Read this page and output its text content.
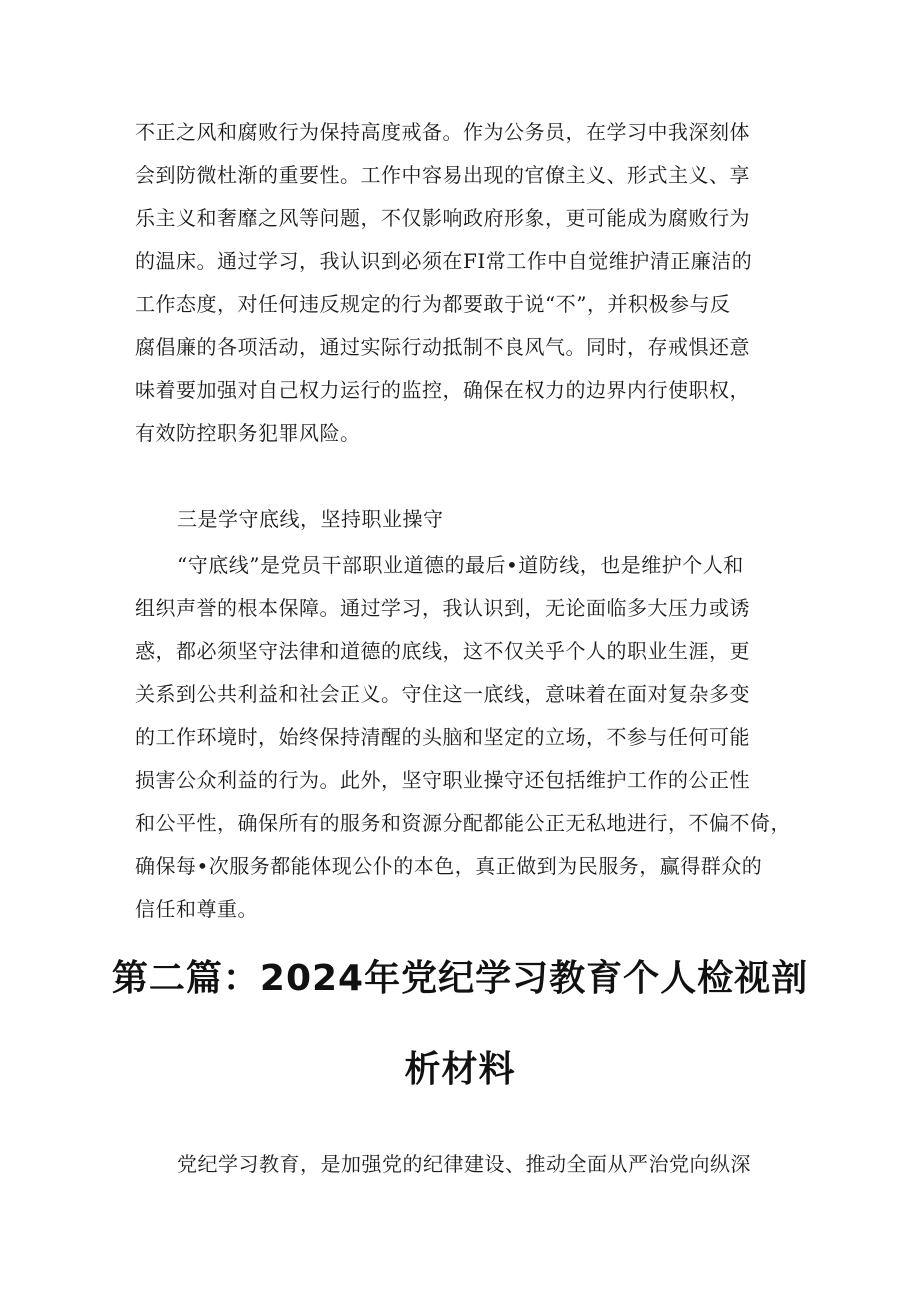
不正之风和腐败行为保持高度戒备。作为公务员，在学习中我深刻体
会到防微杜渐的重要性。工作中容易出现的官僚主义、形式主义、享
乐主义和奢靡之风等问题，不仅影响政府形象，更可能成为腐败行为
的温床。通过学习，我认识到必须在FI常工作中自觉维护清正廉洁的
工作态度，对任何违反规定的行为都要敢于说“不”，并积极参与反
腐倡廉的各项活动，通过实际行动抵制不良风气。同时，存戒惧还意
味着要加强对自己权力运行的监控，确保在权力的边界内行使职权，
有效防控职务犯罪风险。
三是学守底线，坚持职业操守
“守底线”是党员干部职业道德的最后•道防线，也是维护个人和
组织声誉的根本保障。通过学习，我认识到，无论面临多大压力或诱
惑，都必须坚守法律和道德的底线，这不仅关乎个人的职业生涯，更
关系到公共利益和社会正义。守住这一底线，意味着在面对复杂多变
的工作环境时，始终保持清醒的头脑和坚定的立场，不参与任何可能
损害公众利益的行为。此外，坚守职业操守还包括维护工作的公正性
和公平性，确保所有的服务和资源分配都能公正无私地进行，不偏不倚，
确保每•次服务都能体现公仆的本色，真正做到为民服务，赢得群众的
信任和尊重。
第二篇：2024年党纪学习教育个人检视剖
析材料
党纪学习教育，是加强党的纪律建设、推动全面从严治党向纵深
